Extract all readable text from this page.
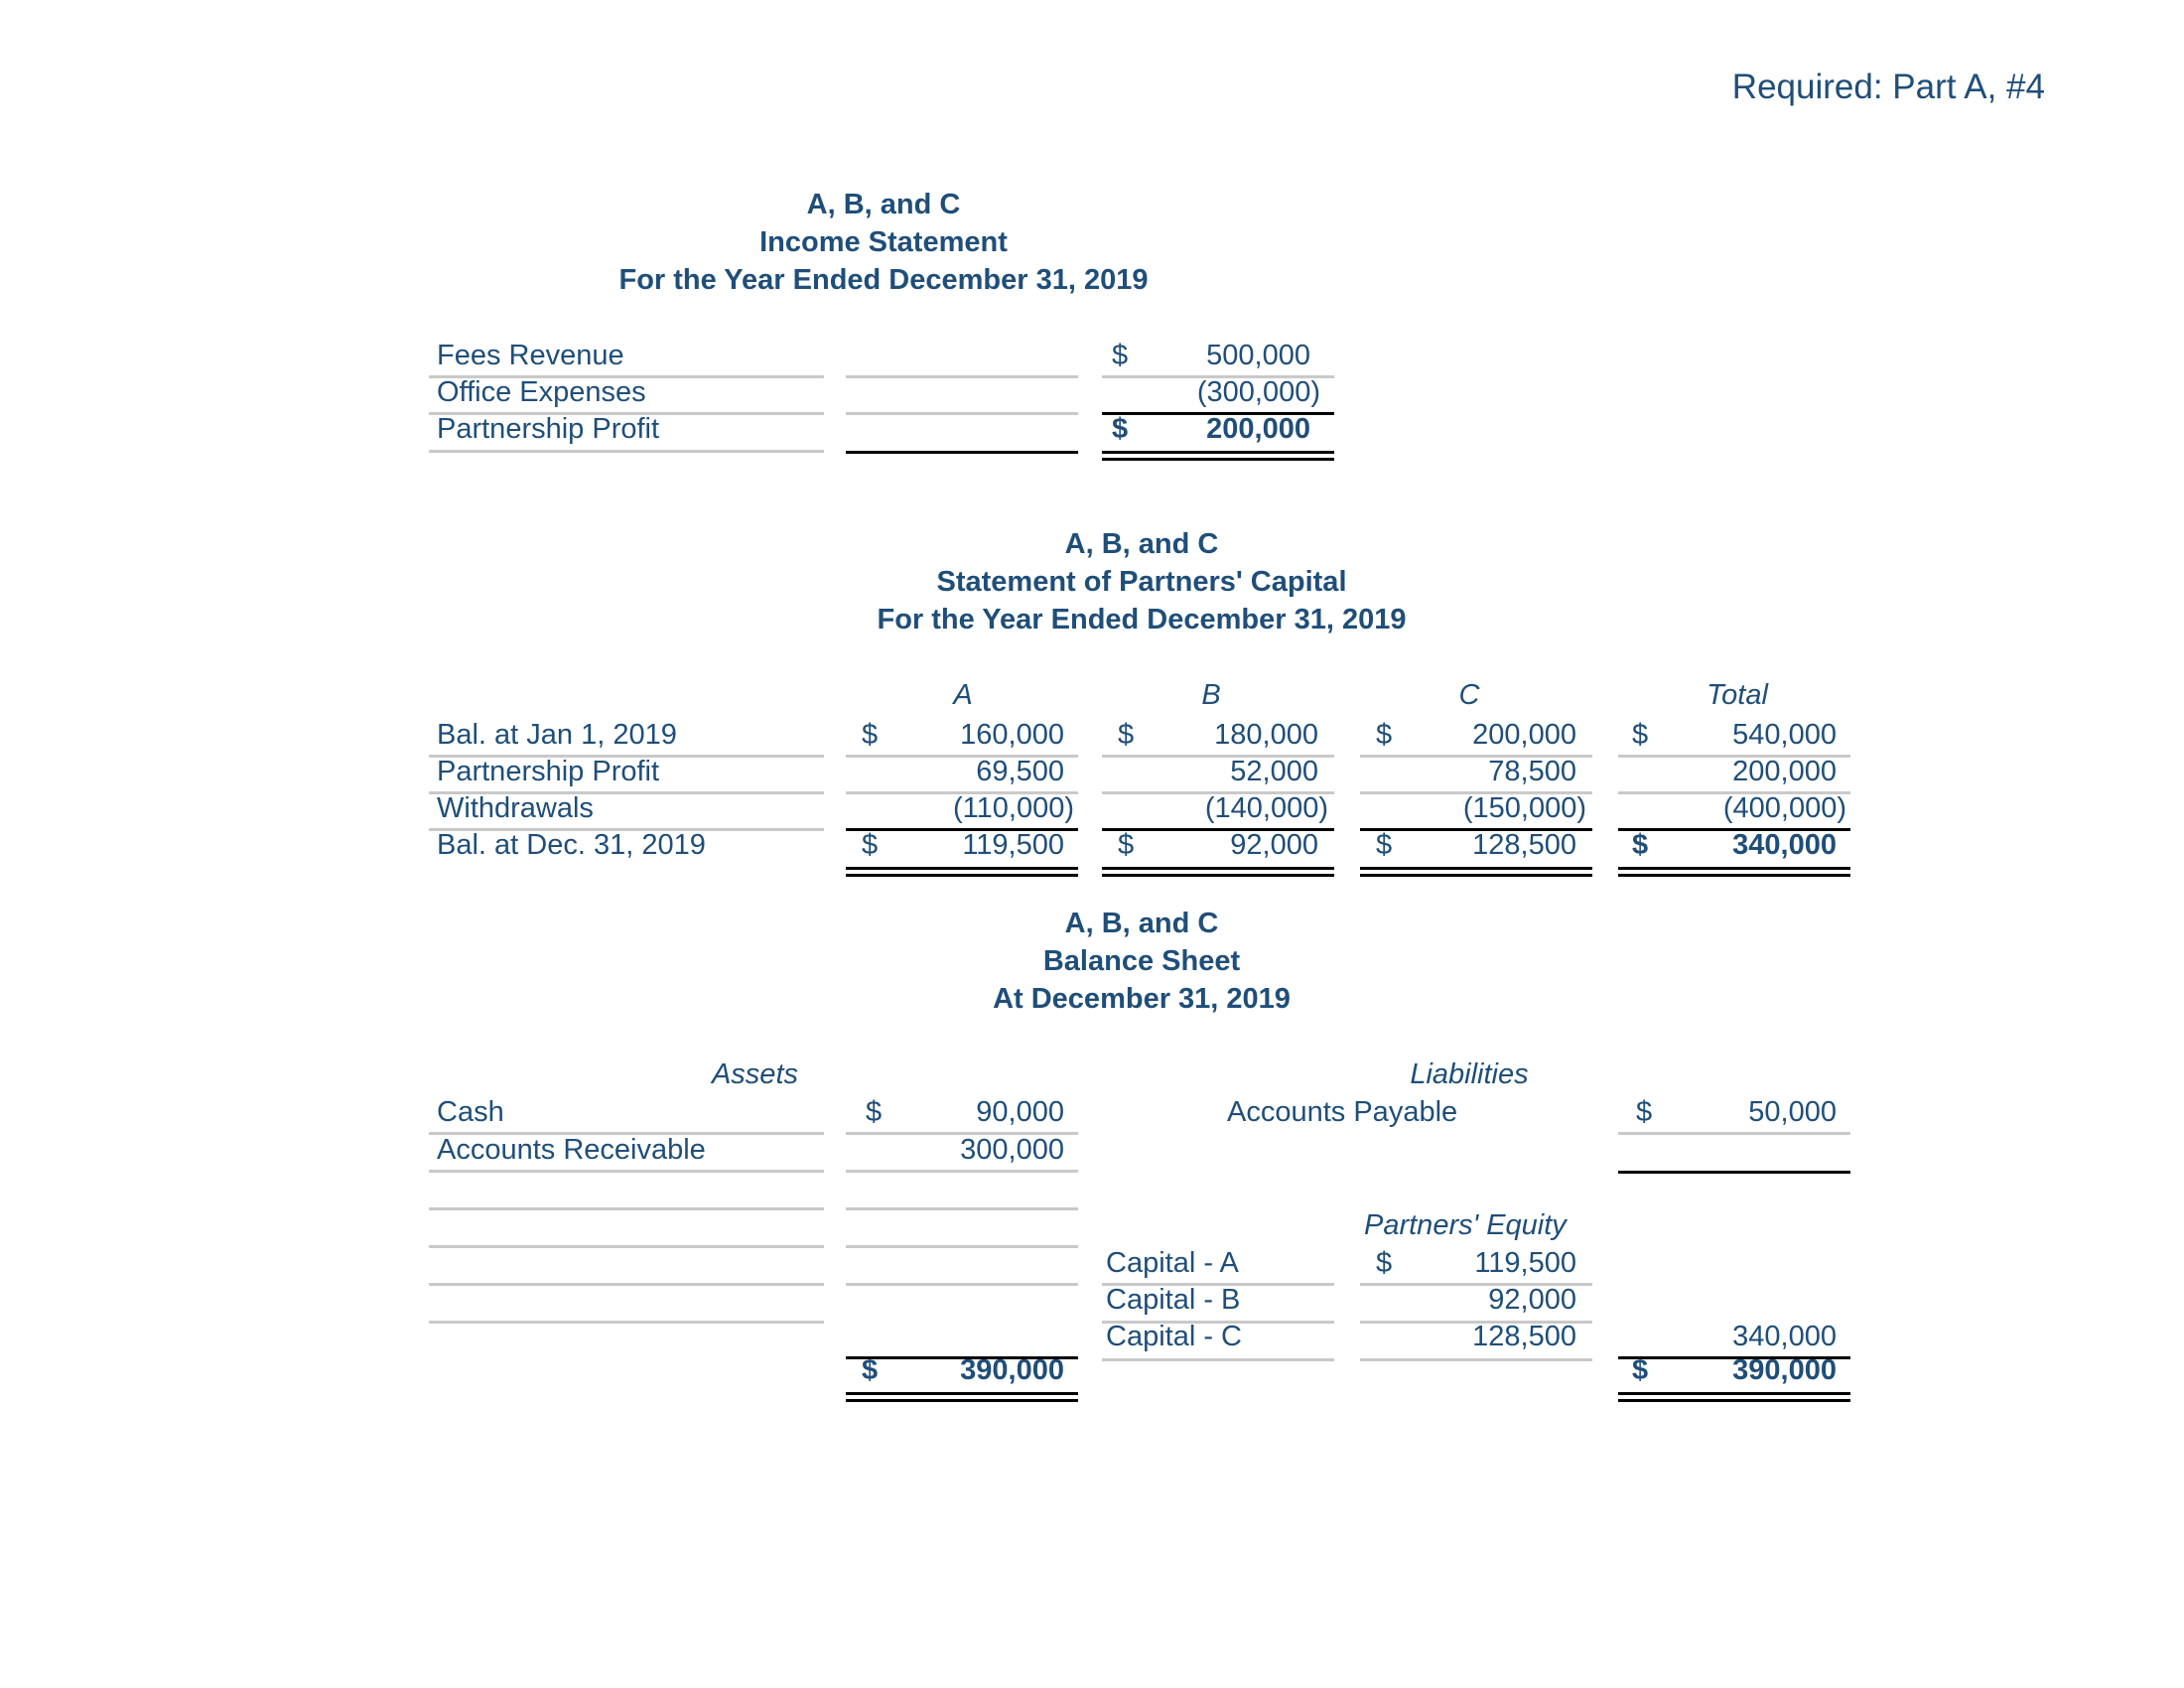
Required: Part A, #4
A, B, and C
Income Statement
For the Year Ended December 31, 2019
Fees Revenue	$	500,000
Office Expenses	(300,000)
Partnership Profit	$	200,000
A, B, and C
Statement of Partners' Capital
For the Year Ended December 31, 2019
A	B	C	Total
Bal. at Jan 1, 2019	$	160,000 $	180,000 $	200,000 $	540,000
Partnership Profit	69,500	52,000	78,500	200,000
Withdrawals	(110,000)	(140,000)	(150,000)	(400,000)
Bal. at Dec. 31, 2019	$	119,500 $	92,000 $	128,500 $	340,000
A, B, and C
Balance Sheet
At December 31, 2019
Assets	Liabilities
Cash	$	90,000
Accounts Receivable	300,000
Accounts Payable	$	50,000
Partners' Equity
Capital - A	$	119,500
Capital - B	92,000
Capital - C	128,500	340,000
$	390,000	$	390,000
